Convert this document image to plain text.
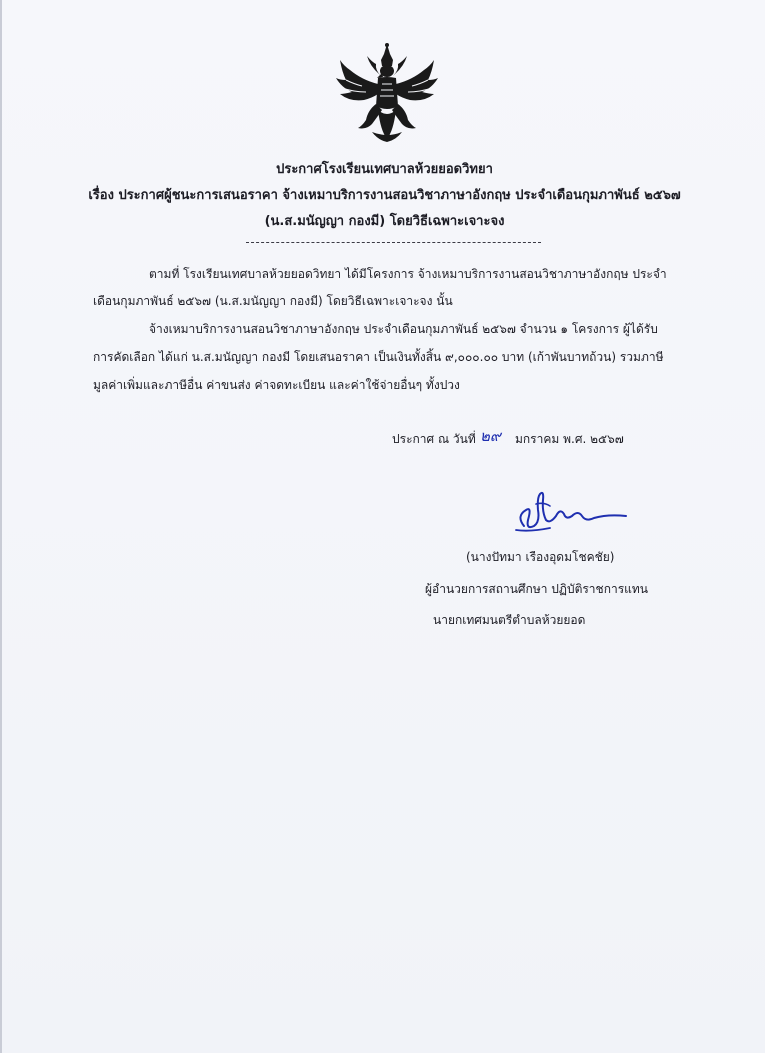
ประกาศโรงเรียนเทศบาลห้วยยอดวิทยา
เรื่อง ประกาศผู้ชนะการเสนอราคา จ้างเหมาบริการงานสอนวิชาภาษาอังกฤษ ประจำเดือนกุมภาพันธ์ ๒๕๖๗
(น.ส.มนัญญา กองมี) โดยวิธีเฉพาะเจาะจง
ตามที่ โรงเรียนเทศบาลห้วยยอดวิทยา ได้มีโครงการ จ้างเหมาบริการงานสอนวิชาภาษาอังกฤษ ประจำ
เดือนกุมภาพันธ์ ๒๕๖๗ (น.ส.มนัญญา กองมี) โดยวิธีเฉพาะเจาะจง นั้น
จ้างเหมาบริการงานสอนวิชาภาษาอังกฤษ ประจำเดือนกุมภาพันธ์ ๒๕๖๗ จำนวน ๑ โครงการ ผู้ได้รับ
การคัดเลือก ได้แก่ น.ส.มนัญญา กองมี โดยเสนอราคา เป็นเงินทั้งสิ้น ๙,๐๐๐.๐๐ บาท (เก้าพันบาทถ้วน) รวมภาษี
มูลค่าเพิ่มและภาษีอื่น ค่าขนส่ง ค่าจดทะเบียน และค่าใช้จ่ายอื่นๆ ทั้งปวง
ประกาศ ณ วันที่ ๒๙ มกราคม พ.ศ. ๒๕๖๗
(นางปัทมา เรืองอุดมโชคชัย)
ผู้อำนวยการสถานศึกษา ปฏิบัติราชการแทน
นายกเทศมนตรีตำบลห้วยยอด
